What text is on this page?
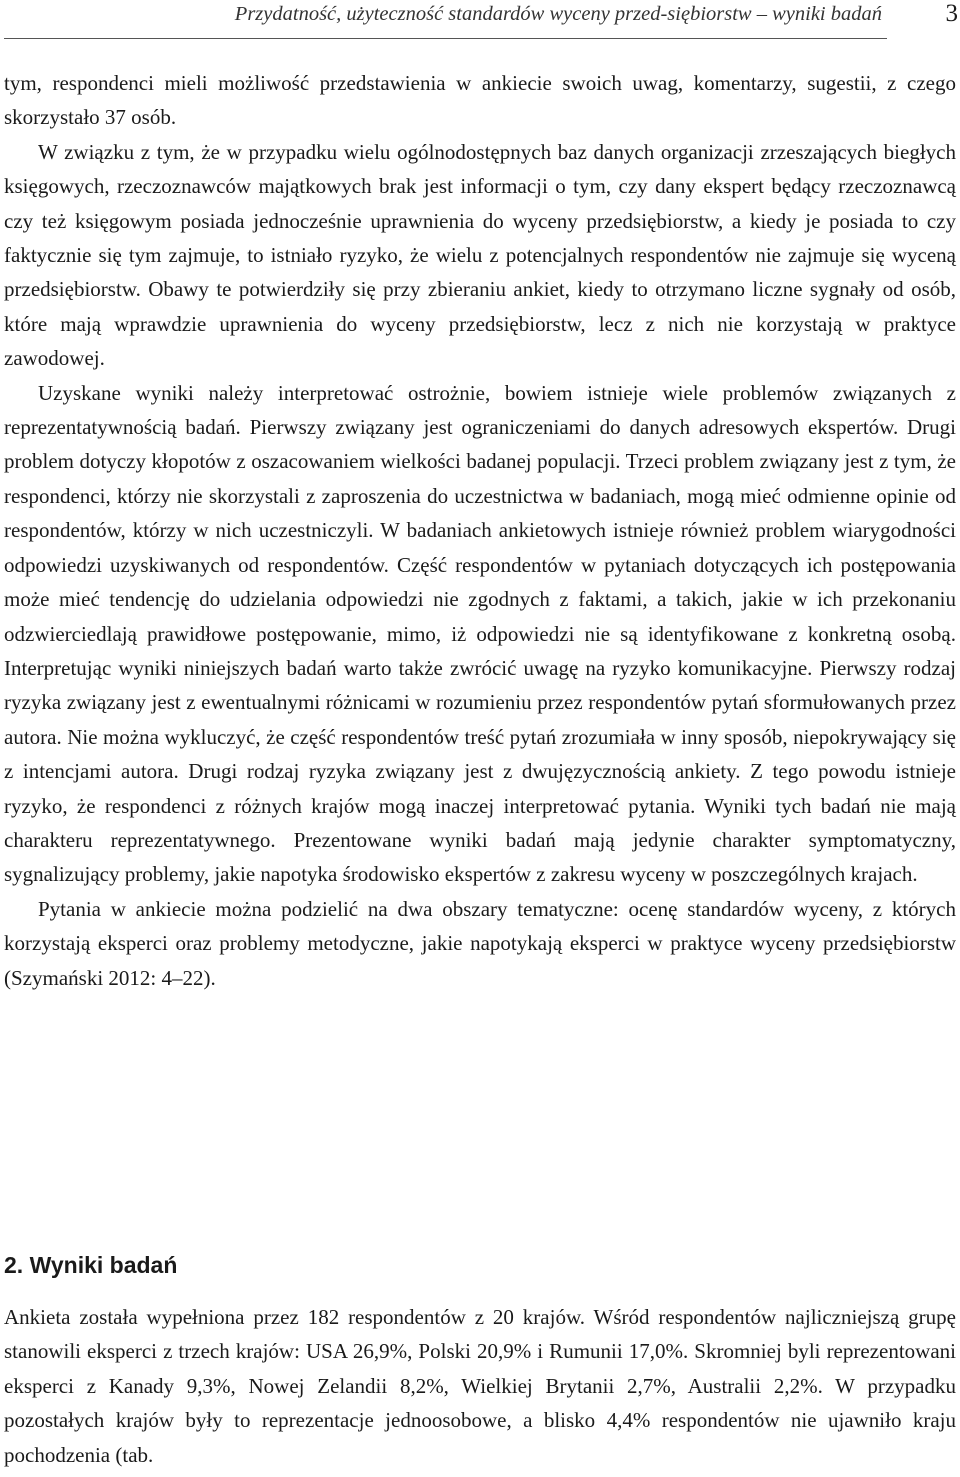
Przydatność, użyteczność standardów wyceny przed-siębiorstw – wyniki badań	3

tym, respondenci mieli możliwość przedstawienia w ankiecie swoich uwag, komentarzy, sugestii, z czego skorzystało 37 osób.

W związku z tym, że w przypadku wielu ogólnodostępnych baz danych organizacji zrzeszających biegłych księgowych, rzeczoznawców majątkowych brak jest informacji o tym, czy dany ekspert będący rzeczoznawcą czy też księgowym posiada jednocześnie uprawnienia do wyceny przedsiębiorstw, a kiedy je posiada to czy faktycznie się tym zajmuje, to istniało ryzyko, że wielu z potencjalnych respondentów nie zajmuje się wyceną przedsiębiorstw. Obawy te potwierdziły się przy zbieraniu ankiet, kiedy to otrzymano liczne sygnały od osób, które mają wprawdzie uprawnienia do wyceny przedsiębiorstw, lecz z nich nie korzystają w praktyce zawodowej.

Uzyskane wyniki należy interpretować ostrożnie, bowiem istnieje wiele problemów związanych z reprezentatywnością badań. Pierwszy związany jest ograniczeniami do danych adresowych ekspertów. Drugi problem dotyczy kłopotów z oszacowaniem wielkości badanej populacji. Trzeci problem związany jest z tym, że respondenci, którzy nie skorzystali z zaproszenia do uczestnictwa w badaniach, mogą mieć odmienne opinie od respondentów, którzy w nich uczestniczyli. W badaniach ankietowych istnieje również problem wiarygodności odpowiedzi uzyskiwanych od respondentów. Część respondentów w pytaniach dotyczących ich postępowania może mieć tendencję do udzielania odpowiedzi nie zgodnych z faktami, a takich, jakie w ich przekonaniu odzwierciedlają prawidłowe postępowanie, mimo, iż odpowiedzi nie są identyfikowane z konkretną osobą. Interpretując wyniki niniejszych badań warto także zwrócić uwagę na ryzyko komunikacyjne. Pierwszy rodzaj ryzyka związany jest z ewentualnymi różnicami w rozumieniu przez respondentów pytań sformułowanych przez autora. Nie można wykluczyć, że część respondentów treść pytań zrozumiała w inny sposób, niepokrywający się z intencjami autora. Drugi rodzaj ryzyka związany jest z dwujęzycznością ankiety. Z tego powodu istnieje ryzyko, że respondenci z różnych krajów mogą inaczej interpretować pytania. Wyniki tych badań nie mają charakteru reprezentatywnego. Prezentowane wyniki badań mają jedynie charakter symptomatyczny, sygnalizujący problemy, jakie napotyka środowisko ekspertów z zakresu wyceny w poszczególnych krajach.

Pytania w ankiecie można podzielić na dwa obszary tematyczne: ocenę standardów wyceny, z których korzystają eksperci oraz problemy metodyczne, jakie napotykają eksperci w praktyce wyceny przedsiębiorstw (Szymański 2012: 4–22).

2. Wyniki badań

Ankieta została wypełniona przez 182 respondentów z 20 krajów. Wśród respondentów najliczniejszą grupę stanowili eksperci z trzech krajów: USA 26,9%, Polski 20,9% i Rumunii 17,0%. Skromniej byli reprezentowani eksperci z Kanady 9,3%, Nowej Zelandii 8,2%, Wielkiej Brytanii 2,7%, Australii 2,2%. W przypadku pozostałych krajów były to reprezentacje jednoosobowe, a blisko 4,4% respondentów nie ujawniło kraju pochodzenia (tab.
